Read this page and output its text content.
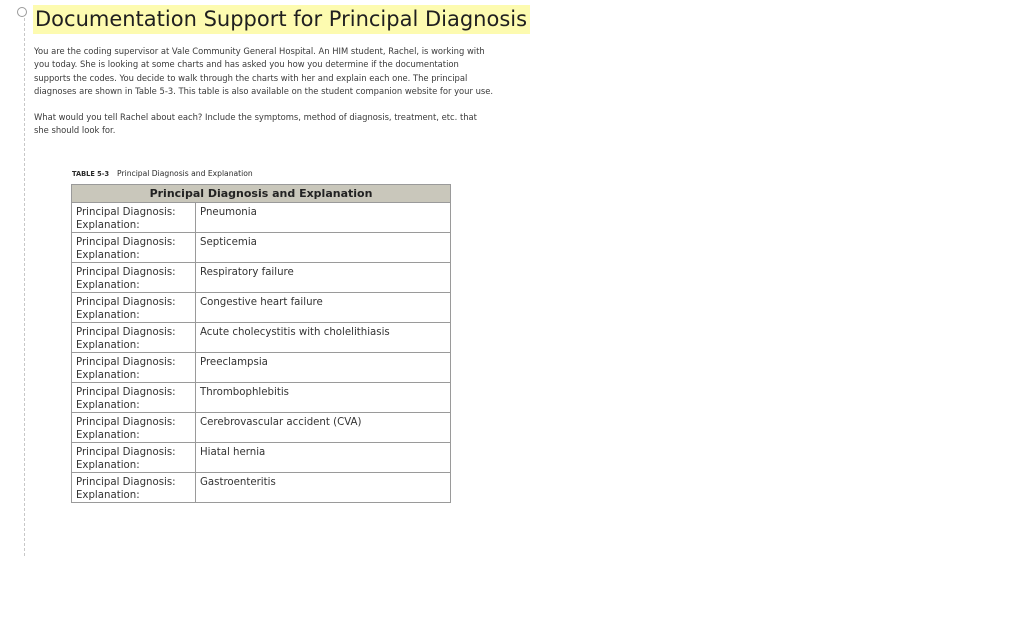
Documentation Support for Principal Diagnosis

You are the coding supervisor at Vale Community General Hospital. An HIM student, Rachel, is working with you today. She is looking at some charts and has asked you how you determine if the documentation supports the codes. You decide to walk through the charts with her and explain each one. The principal diagnoses are shown in Table 5-3. This table is also available on the student companion website for your use.

What would you tell Rachel about each? Include the symptoms, method of diagnosis, treatment, etc. that she should look for.

TABLE 5-3 Principal Diagnosis and Explanation
Principal Diagnosis and Explanation	

Principal Diagnosis:
Explanation:	Pneumonia

Principal Diagnosis:
Explanation:	Septicemia

Principal Diagnosis:
Explanation:	Respiratory failure

Principal Diagnosis:
Explanation:	Congestive heart failure

Principal Diagnosis:
Explanation:	Acute cholecystitis with cholelithiasis

Principal Diagnosis:
Explanation:	Preeclampsia

Principal Diagnosis:
Explanation:	Thrombophlebitis

Principal Diagnosis:
Explanation:	Cerebrovascular accident (CVA)

Principal Diagnosis:
Explanation:	Hiatal hernia

Principal Diagnosis:
Explanation:	Gastroenteritis
